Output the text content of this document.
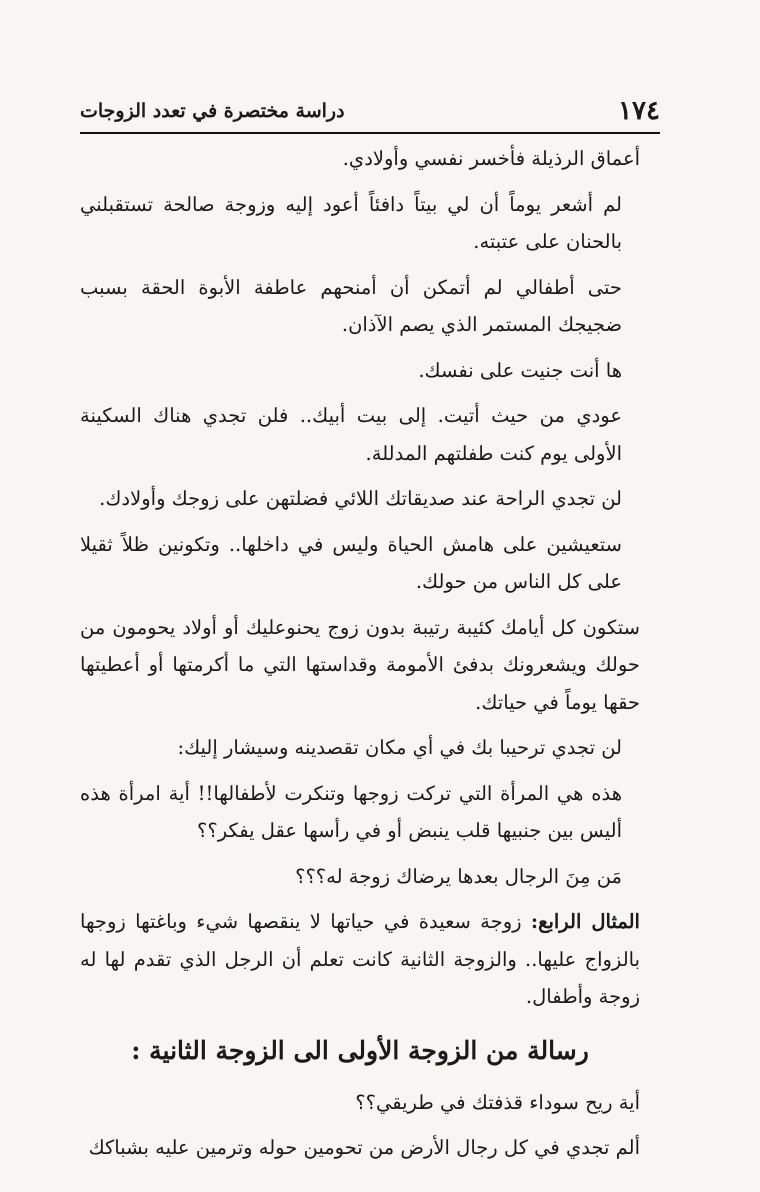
دراسة مختصرة في تعدد الزوجات	١٧٤

أعماق الرذيلة فأخسر نفسي وأولادي.

لم أشعر يوماً أن لي بيتاً دافئاً أعود إليه وزوجة صالحة تستقبلني بالحنان على عتبته.

حتى أطفالي لم أتمكن أن أمنحهم عاطفة الأبوة الحقة بسبب ضجيجك المستمر الذي يصم الآذان.

ها أنت جنيت على نفسك.

عودي من حيث أتيت. إلى بيت أبيك.. فلن تجدي هناك السكينة الأولى يوم كنت طفلتهم المدللة.

لن تجدي الراحة عند صديقاتك اللائي فضلتهن على زوجك وأولادك.

ستعيشين على هامش الحياة وليس في داخلها.. وتكونين ظلاً ثقيلا على كل الناس من حولك.

ستكون كل أيامك كئيبة رتيبة بدون زوج يحنوعليك أو أولاد يحومون من حولك ويشعرونك بدفئ الأمومة وقداستها التي ما أكرمتها أو أعطيتها حقها يوماً في حياتك.

لن تجدي ترحيبا بك في أي مكان تقصدينه وسيشار إليك:

هذه هي المرأة التي تركت زوجها وتنكرت لأطفالها!! أية امرأة هذه أليس بين جنبيها قلب ينبض أو في رأسها عقل يفكر؟؟

مَن مِنَ الرجال بعدها يرضاك زوجة له؟؟؟

المثال الرابع: زوجة سعيدة في حياتها لا ينقصها شيء وباغتها زوجها بالزواج عليها.. والزوجة الثانية كانت تعلم أن الرجل الذي تقدم لها له زوجة وأطفال.

رسالة من الزوجة الأولى الى الزوجة الثانية :

أية ريح سوداء قذفتك في طريقي؟؟

ألم تجدي في كل رجال الأرض من تحومين حوله وترمين عليه بشباكك
